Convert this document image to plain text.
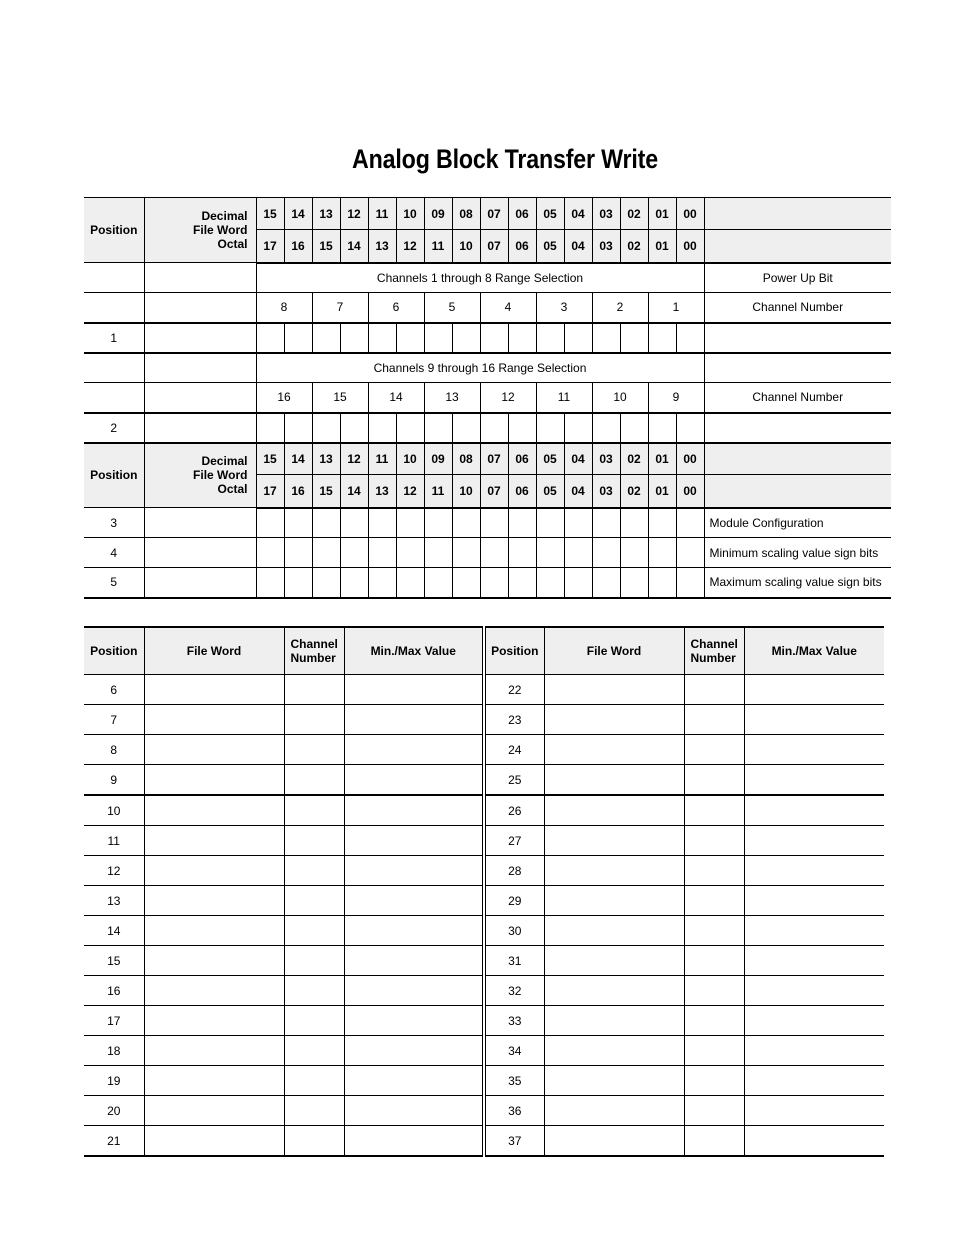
Analog Block Transfer Write
Position	Decimal
File Word
Octal	15	14	13	12	11	10	09	08	07	06	05	04	03	02	01	00	
		17	16	15	14	13	12	11	10	07	06	05	04	03	02	01	00	
		Channels 1 through 8 Range Selection																Power Up Bit
		8		7		6		5		4		3		2		1		Channel Number
1																		
		Channels 9 through 16 Range Selection																
		16		15		14		13		12		11		10		9		Channel Number
2																		
Position	Decimal
File Word
Octal	15	14	13	12	11	10	09	08	07	06	05	04	03	02	01	00	
		17	16	15	14	13	12	11	10	07	06	05	04	03	02	01	00	
3																		Module Configuration
4																		Minimum scaling value sign bits
5																		Maximum scaling value sign bits
Position	File Word	Channel Number	Min./Max Value	Position	File Word	Channel Number	Min./Max Value
6				22			
7				23			
8				24			
9				25			
10				26			
11				27			
12				28			
13				29			
14				30			
15				31			
16				32			
17				33			
18				34			
19				35			
20				36			
21				37			
